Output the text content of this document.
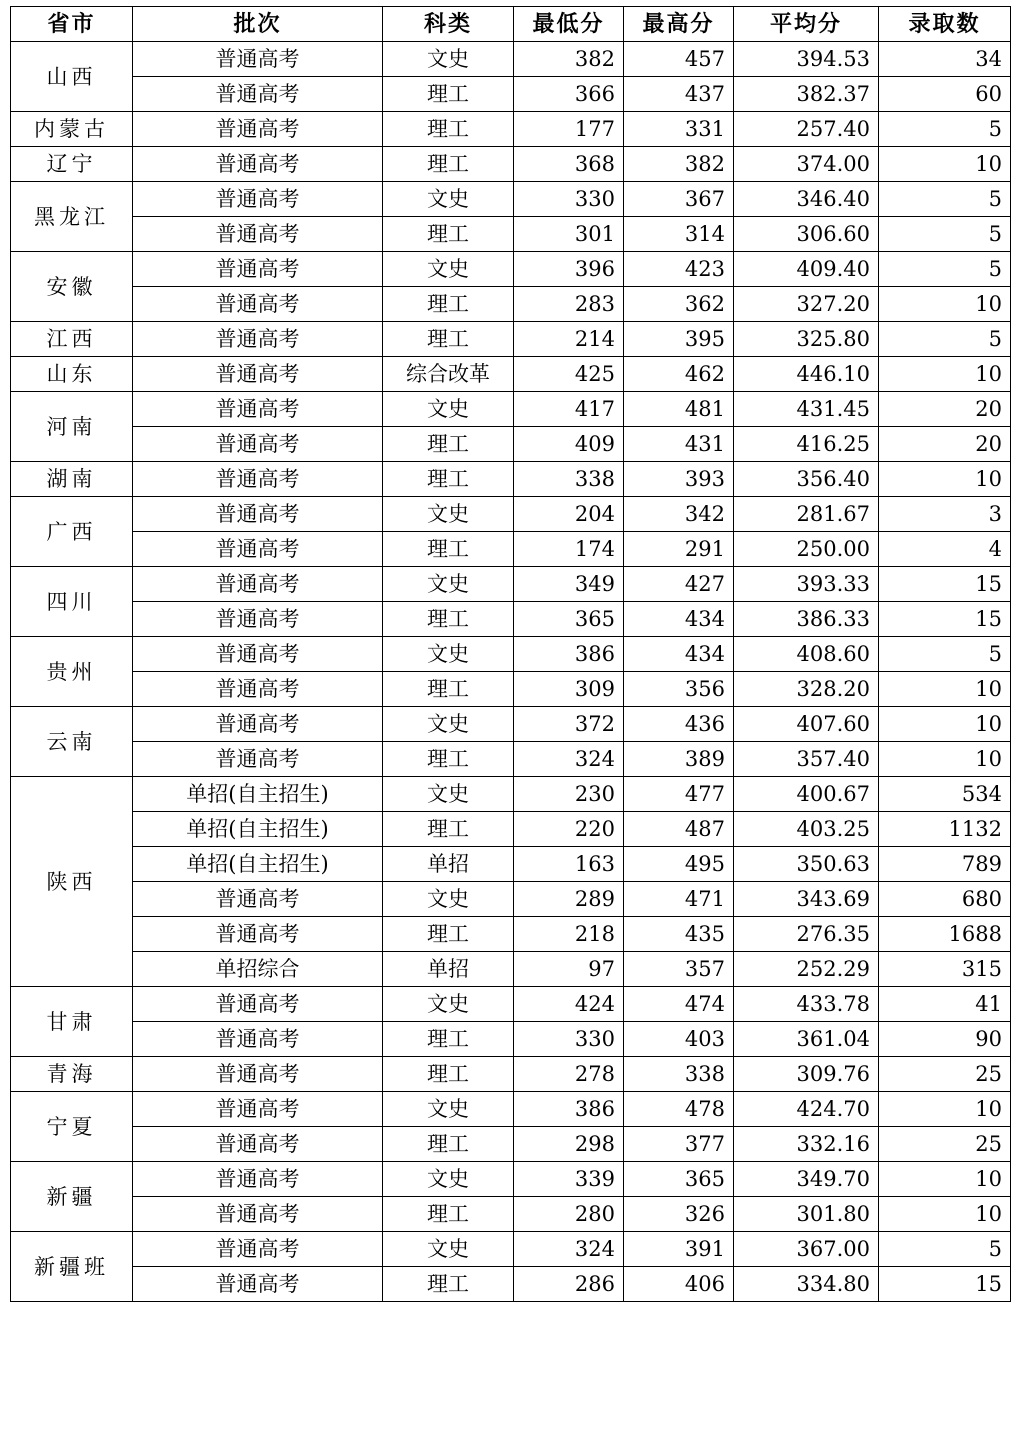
省市	批次	科类	最低分	最高分	平均分	录取数
山西	普通高考	文史	382	457	394.53	34
	普通高考	理工	366	437	382.37	60
内蒙古	普通高考	理工	177	331	257.40	5
辽宁	普通高考	理工	368	382	374.00	10
黑龙江	普通高考	文史	330	367	346.40	5
	普通高考	理工	301	314	306.60	5
安徽	普通高考	文史	396	423	409.40	5
	普通高考	理工	283	362	327.20	10
江西	普通高考	理工	214	395	325.80	5
山东	普通高考	综合改革	425	462	446.10	10
河南	普通高考	文史	417	481	431.45	20
	普通高考	理工	409	431	416.25	20
湖南	普通高考	理工	338	393	356.40	10
广西	普通高考	文史	204	342	281.67	3
	普通高考	理工	174	291	250.00	4
四川	普通高考	文史	349	427	393.33	15
	普通高考	理工	365	434	386.33	15
贵州	普通高考	文史	386	434	408.60	5
	普通高考	理工	309	356	328.20	10
云南	普通高考	文史	372	436	407.60	10
	普通高考	理工	324	389	357.40	10
陕西	单招(自主招生)	文史	230	477	400.67	534
	单招(自主招生)	理工	220	487	403.25	1132
	单招(自主招生)	单招	163	495	350.63	789
	普通高考	文史	289	471	343.69	680
	普通高考	理工	218	435	276.35	1688
	单招综合	单招	97	357	252.29	315
甘肃	普通高考	文史	424	474	433.78	41
	普通高考	理工	330	403	361.04	90
青海	普通高考	理工	278	338	309.76	25
宁夏	普通高考	文史	386	478	424.70	10
	普通高考	理工	298	377	332.16	25
新疆	普通高考	文史	339	365	349.70	10
	普通高考	理工	280	326	301.80	10
新疆班	普通高考	文史	324	391	367.00	5
	普通高考	理工	286	406	334.80	15
